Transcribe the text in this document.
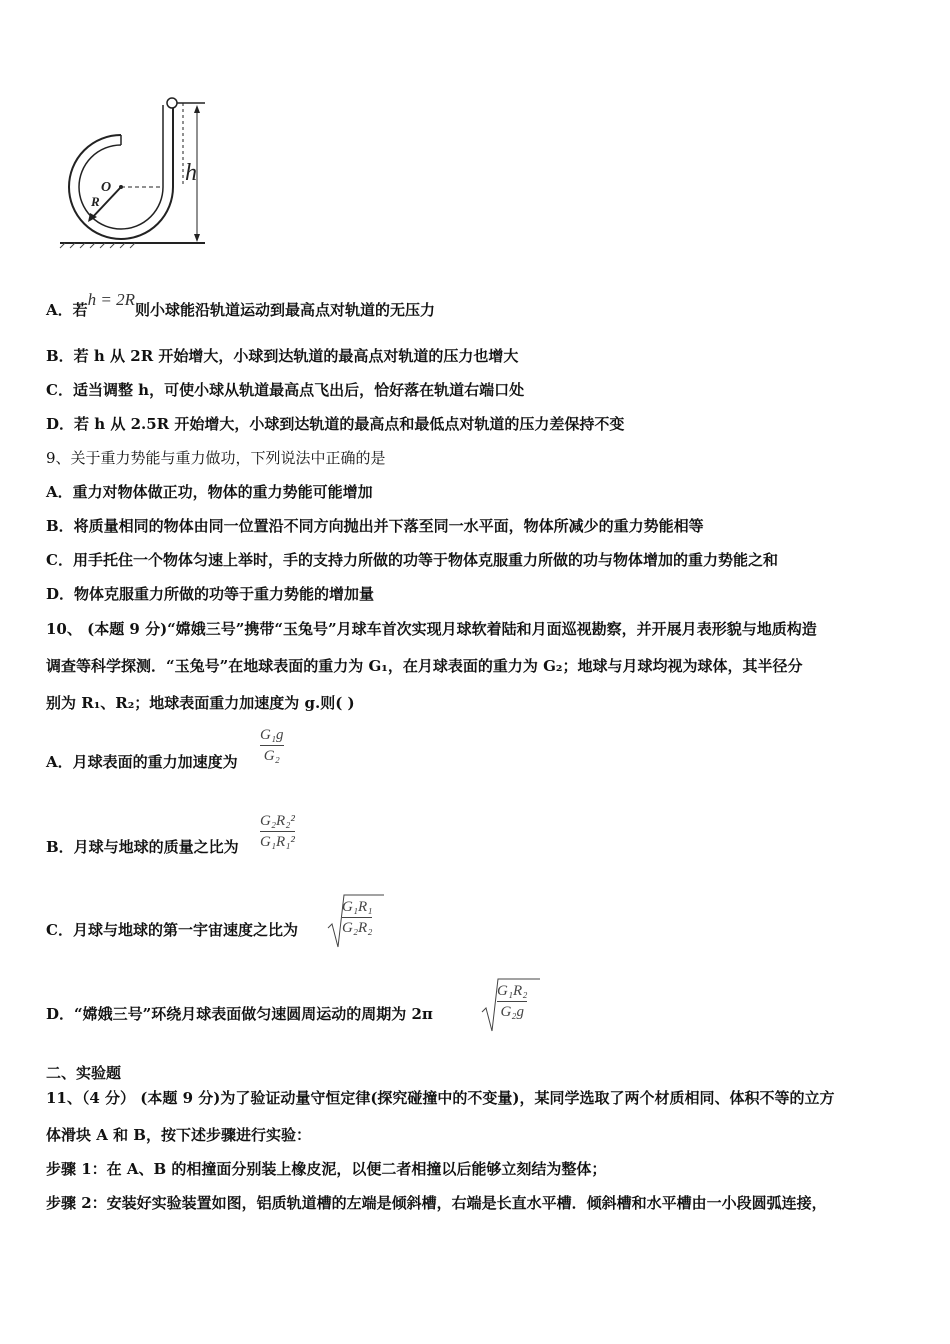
h
O
R
A．若h = 2R则小球能沿轨道运动到最高点对轨道的无压力
B．若 h 从 2R 开始增大，小球到达轨道的最高点对轨道的压力也增大
C．适当调整 h，可使小球从轨道最高点飞出后，恰好落在轨道右端口处
D．若 h 从 2.5R 开始增大，小球到达轨道的最高点和最低点对轨道的压力差保持不变
9、关于重力势能与重力做功，下列说法中正确的是
A．重力对物体做正功，物体的重力势能可能增加
B．将质量相同的物体由同一位置沿不同方向抛出并下落至同一水平面，物体所减少的重力势能相等
C．用手托住一个物体匀速上举时，手的支持力所做的功等于物体克服重力所做的功与物体增加的重力势能之和
D．物体克服重力所做的功等于重力势能的增加量
10、 (本题 9 分)“嫦娥三号”携带“玉兔号”月球车首次实现月球软着陆和月面巡视勘察，并开展月表形貌与地质构造
调查等科学探测．“玉兔号”在地球表面的重力为 G₁，在月球表面的重力为 G₂；地球与月球均视为球体，其半径分
别为 R₁、R₂；地球表面重力加速度为 g.则( )
A．月球表面的重力加速度为
G₁g
G₂
B．月球与地球的质量之比为
G₂R₂²
G₁R₁²
C．月球与地球的第一宇宙速度之比为
G₁R₁
G₂R₂
D．“嫦娥三号”环绕月球表面做匀速圆周运动的周期为 2π
G₁R₂
G₂g
二、实验题
11、（4 分） (本题 9 分)为了验证动量守恒定律(探究碰撞中的不变量)，某同学选取了两个材质相同、体积不等的立方
体滑块 A 和 B，按下述步骤进行实验：
步骤 1：在 A、B 的相撞面分别装上橡皮泥，以便二者相撞以后能够立刻结为整体；
步骤 2：安装好实验装置如图，铝质轨道槽的左端是倾斜槽，右端是长直水平槽．倾斜槽和水平槽由一小段圆弧连接，
